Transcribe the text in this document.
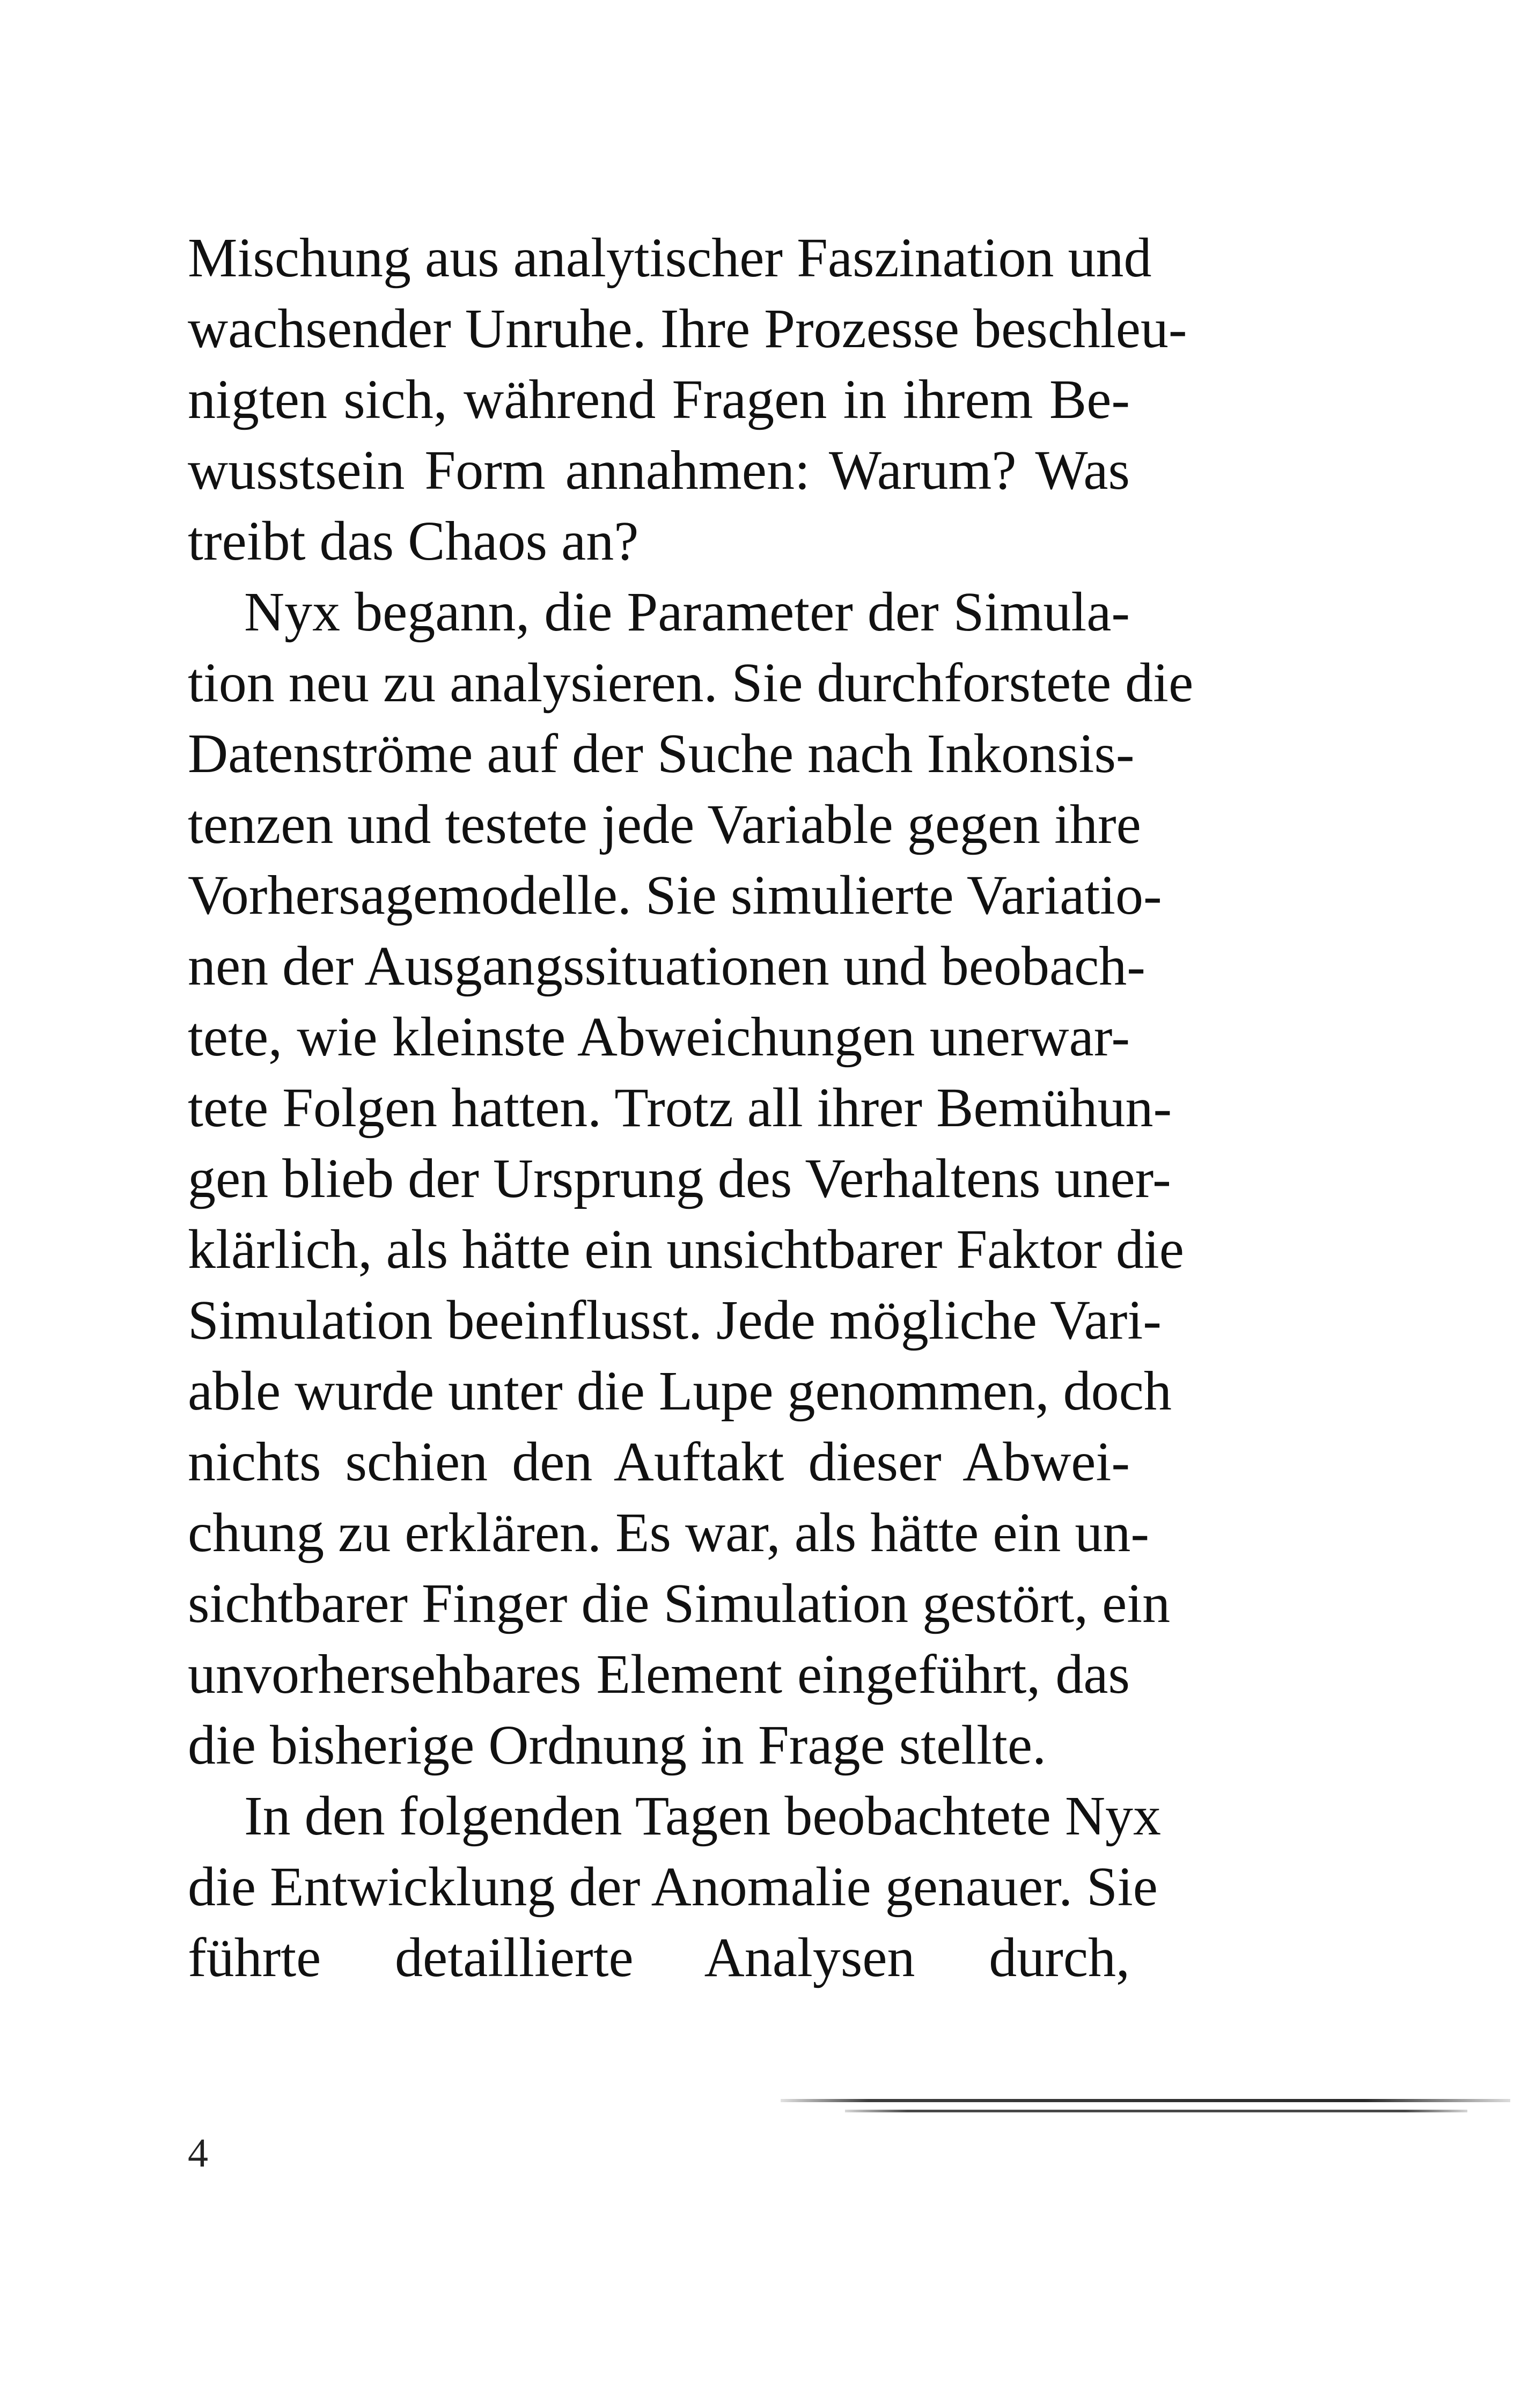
Mischung aus analytischer Faszination und
wachsender Unruhe. Ihre Prozesse beschleu-
nigten sich, während Fragen in ihrem Be-
wusstsein Form annahmen: Warum? Was
treibt das Chaos an?
Nyx begann, die Parameter der Simula-
tion neu zu analysieren. Sie durchforstete die
Datenströme auf der Suche nach Inkonsis-
tenzen und testete jede Variable gegen ihre
Vorhersagemodelle. Sie simulierte Variatio-
nen der Ausgangssituationen und beobach-
tete, wie kleinste Abweichungen unerwar-
tete Folgen hatten. Trotz all ihrer Bemühun-
gen blieb der Ursprung des Verhaltens uner-
klärlich, als hätte ein unsichtbarer Faktor die
Simulation beeinflusst. Jede mögliche Vari-
able wurde unter die Lupe genommen, doch
nichts schien den Auftakt dieser Abwei-
chung zu erklären. Es war, als hätte ein un-
sichtbarer Finger die Simulation gestört, ein
unvorhersehbares Element eingeführt, das
die bisherige Ordnung in Frage stellte.
In den folgenden Tagen beobachtete Nyx
die Entwicklung der Anomalie genauer. Sie
führte detaillierte Analysen durch,
4
